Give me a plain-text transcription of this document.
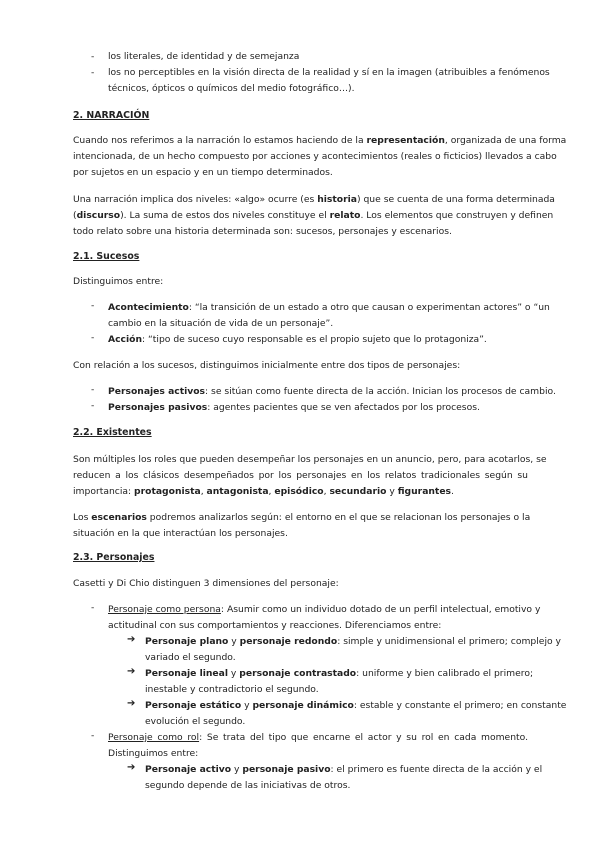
- los literales, de identidad y de semejanza
- los no perceptibles en la visión directa de la realidad y sí en la imagen (atribuibles a fenómenos
técnicos, ópticos o químicos del medio fotográfico…).
2. NARRACIÓN
Cuando nos referimos a la narración lo estamos haciendo de la representación, organizada de una forma
intencionada, de un hecho compuesto por acciones y acontecimientos (reales o ficticios) llevados a cabo
por sujetos en un espacio y en un tiempo determinados.
Una narración implica dos niveles: «algo» ocurre (es historia) que se cuenta de una forma determinada
(discurso). La suma de estos dos niveles constituye el relato. Los elementos que construyen y definen
todo relato sobre una historia determinada son: sucesos, personajes y escenarios.
2.1. Sucesos
Distinguimos entre:
- Acontecimiento: “la transición de un estado a otro que causan o experimentan actores” o “un
cambio en la situación de vida de un personaje”.
- Acción: “tipo de suceso cuyo responsable es el propio sujeto que lo protagoniza”.
Con relación a los sucesos, distinguimos inicialmente entre dos tipos de personajes:
- Personajes activos: se sitúan como fuente directa de la acción. Inician los procesos de cambio.
- Personajes pasivos: agentes pacientes que se ven afectados por los procesos.
2.2. Existentes
Son múltiples los roles que pueden desempeñar los personajes en un anuncio, pero, para acotarlos, se
reducen a los clásicos desempeñados por los personajes en los relatos tradicionales según su
importancia: protagonista, antagonista, episódico, secundario y figurantes.
Los escenarios podremos analizarlos según: el entorno en el que se relacionan los personajes o la
situación en la que interactúan los personajes.
2.3. Personajes
Casetti y Di Chio distinguen 3 dimensiones del personaje:
- Personaje como persona: Asumir como un individuo dotado de un perfil intelectual, emotivo y
actitudinal con sus comportamientos y reacciones. Diferenciamos entre:
➔ Personaje plano y personaje redondo: simple y unidimensional el primero; complejo y
variado el segundo.
➔ Personaje lineal y personaje contrastado: uniforme y bien calibrado el primero;
inestable y contradictorio el segundo.
➔ Personaje estático y personaje dinámico: estable y constante el primero; en constante
evolución el segundo.
- Personaje como rol: Se trata del tipo que encarne el actor y su rol en cada momento.
Distinguimos entre:
➔ Personaje activo y personaje pasivo: el primero es fuente directa de la acción y el
segundo depende de las iniciativas de otros.
